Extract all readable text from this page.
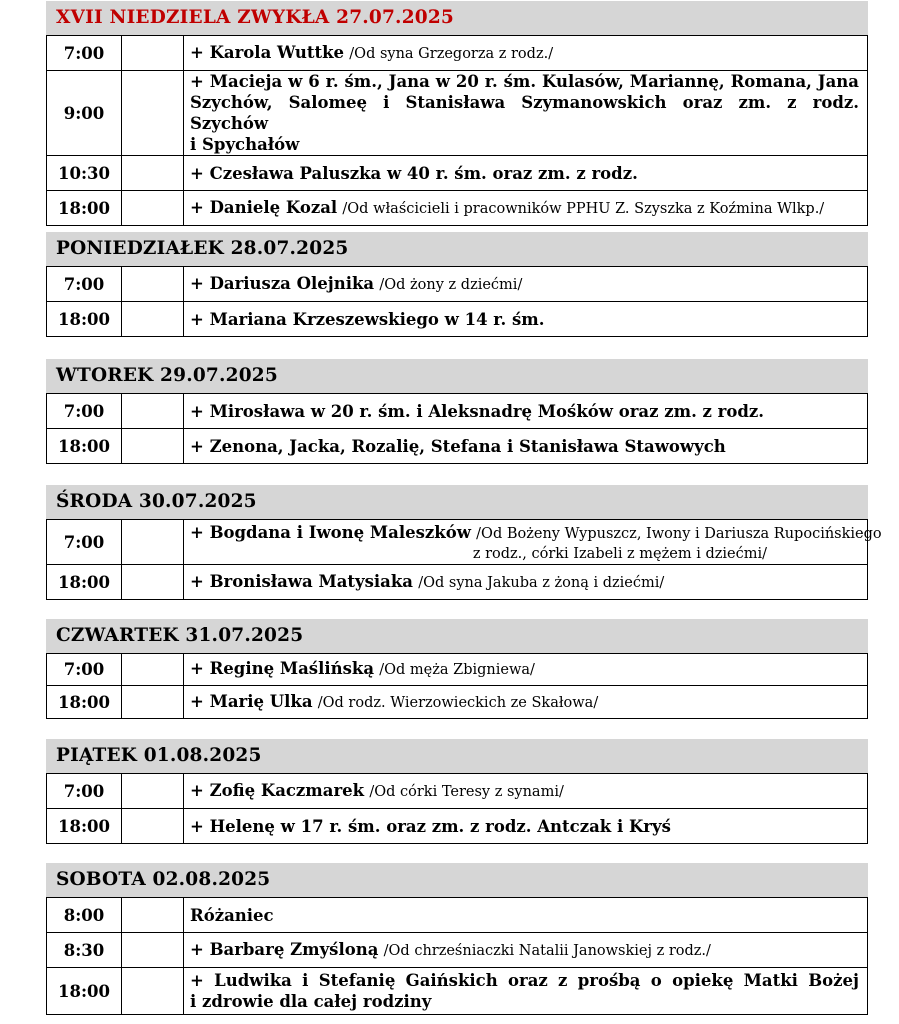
XVII NIEDZIELA ZWYKŁA 27.07.2025
7:00		+ Karola Wuttke /Od syna Grzegorza z rodz./
9:00		+ Macieja w 6 r. śm., Jana w 20 r. śm. Kulasów, Mariannę, Romana, Jana
Szychów, Salomeę i Stanisława Szymanowskich oraz zm. z rodz. Szychów
i Spychałów

10:30		+ Czesława Paluszka w 40 r. śm. oraz zm. z rodz.
18:00		+ Danielę Kozal /Od właścicieli i pracowników PPHU Z. Szyszka z Koźmina Wlkp./
PONIEDZIAŁEK 28.07.2025
7:00		+ Dariusza Olejnika /Od żony z dziećmi/
18:00		+ Mariana Krzeszewskiego w 14 r. śm.
WTOREK 29.07.2025
7:00		+ Mirosława w 20 r. śm. i Aleksnadrę Mośków oraz zm. z rodz.
18:00		+ Zenona, Jacka, Rozalię, Stefana i Stanisława Stawowych
ŚRODA 30.07.2025
7:00		+ Bogdana i Iwonę Maleszków /Od Bożeny Wypuszcz, Iwony i Dariusza Rupocińskiego
z rodz., córki Izabeli z mężem i dziećmi/

18:00		+ Bronisława Matysiaka /Od syna Jakuba z żoną i dziećmi/
CZWARTEK 31.07.2025
7:00		+ Reginę Maślińską /Od męża Zbigniewa/
18:00		+ Marię Ulka /Od rodz. Wierzowieckich ze Skałowa/
PIĄTEK 01.08.2025
7:00		+ Zofię Kaczmarek /Od córki Teresy z synami/
18:00		+ Helenę w 17 r. śm. oraz zm. z rodz. Antczak i Kryś
SOBOTA 02.08.2025
8:00		Różaniec
8:30		+ Barbarę Zmyśloną /Od chrześniaczki Natalii Janowskiej z rodz./
18:00		+ Ludwika i Stefanię Gaińskich oraz z prośbą o opiekę Matki Bożej
i zdrowie dla całej rodziny
